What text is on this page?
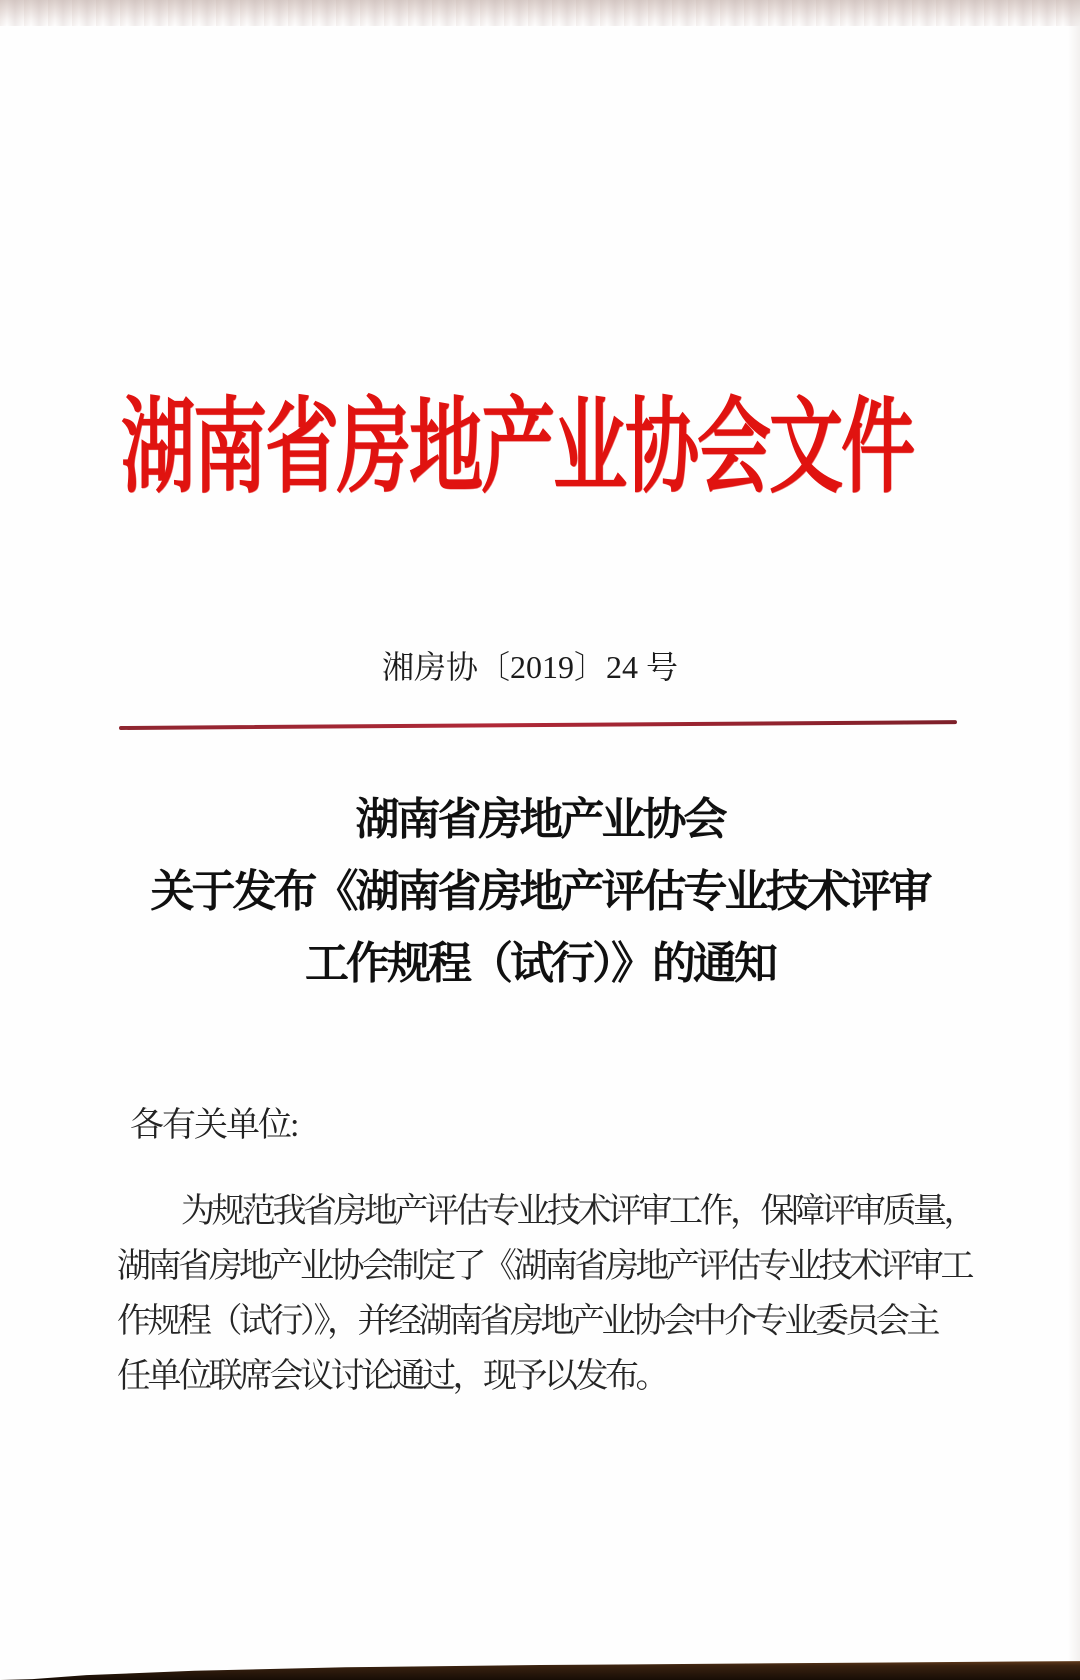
湖南省房地产业协会文件
湘房协〔2019〕24 号
湖南省房地产业协会
关于发布《湖南省房地产评估专业技术评审
工作规程（试行）》的通知
各有关单位:
为规范我省房地产评估专业技术评审工作，保障评审质量，
湖南省房地产业协会制定了《湖南省房地产评估专业技术评审工
作规程（试行）》，并经湖南省房地产业协会中介专业委员会主
任单位联席会议讨论通过，现予以发布。
